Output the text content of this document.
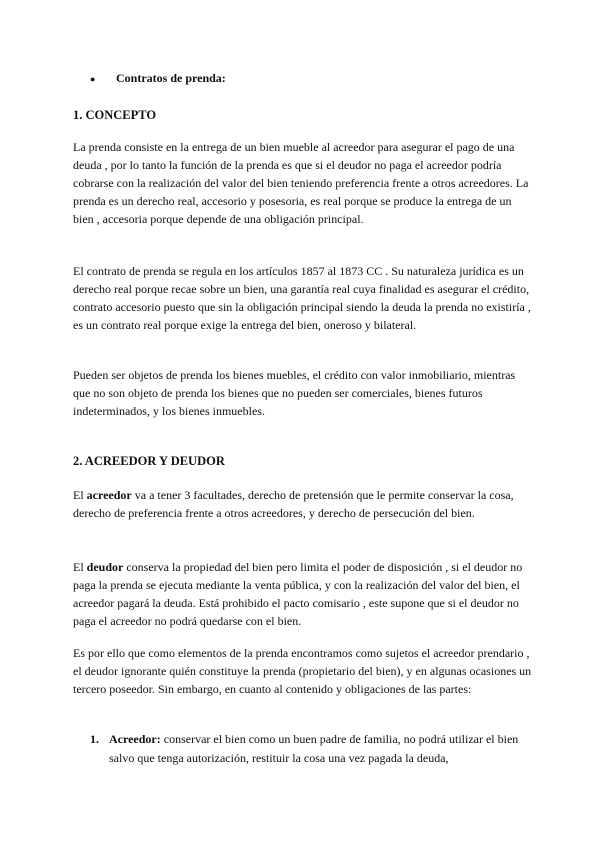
●	Contratos de prenda:
1. CONCEPTO

La prenda consiste en la entrega de un bien mueble al acreedor para asegurar el pago de una deuda , por lo tanto la función de la prenda es que si el deudor no paga el acreedor podría cobrarse con la realización del valor del bien teniendo preferencia frente a otros acreedores. La prenda es un derecho real, accesorio y posesoria, es real porque se produce la entrega de un bien , accesoria porque depende de una obligación principal.

El contrato de prenda se regula en los artículos 1857 al 1873 CC . Su naturaleza jurídica es un derecho real porque recae sobre un bien, una garantía real cuya finalidad es asegurar el crédito, contrato accesorio puesto que sin la obligación principal siendo la deuda la prenda no existiría , es un contrato real porque exige la entrega del bien, oneroso y bilateral.

Pueden ser objetos de prenda los bienes muebles, el crédito con valor inmobiliario, mientras que no son objeto de prenda los bienes que no pueden ser comerciales, bienes futuros indeterminados, y los bienes inmuebles.

2. ACREEDOR Y DEUDOR

El acreedor va a tener 3 facultades, derecho de pretensión que le permite conservar la cosa, derecho de preferencia frente a otros acreedores, y derecho de persecución del bien.

El deudor conserva la propiedad del bien pero limita el poder de disposición , si el deudor no paga la prenda se ejecuta mediante la venta pública, y con la realización del valor del bien, el acreedor pagará la deuda. Está prohibido el pacto comisario , este supone que si el deudor no paga el acreedor no podrá quedarse con el bien.

Es por ello que como elementos de la prenda encontramos como sujetos el acreedor prendario , el deudor ignorante quién constituye la prenda (propietario del bien), y en algunas ocasiones un tercero poseedor. Sin embargo, en cuanto al contenido y obligaciones de las partes:

1. Acreedor: conservar el bien como un buen padre de familia, no podrá utilizar el bien salvo que tenga autorización, restituir la cosa una vez pagada la deuda,
